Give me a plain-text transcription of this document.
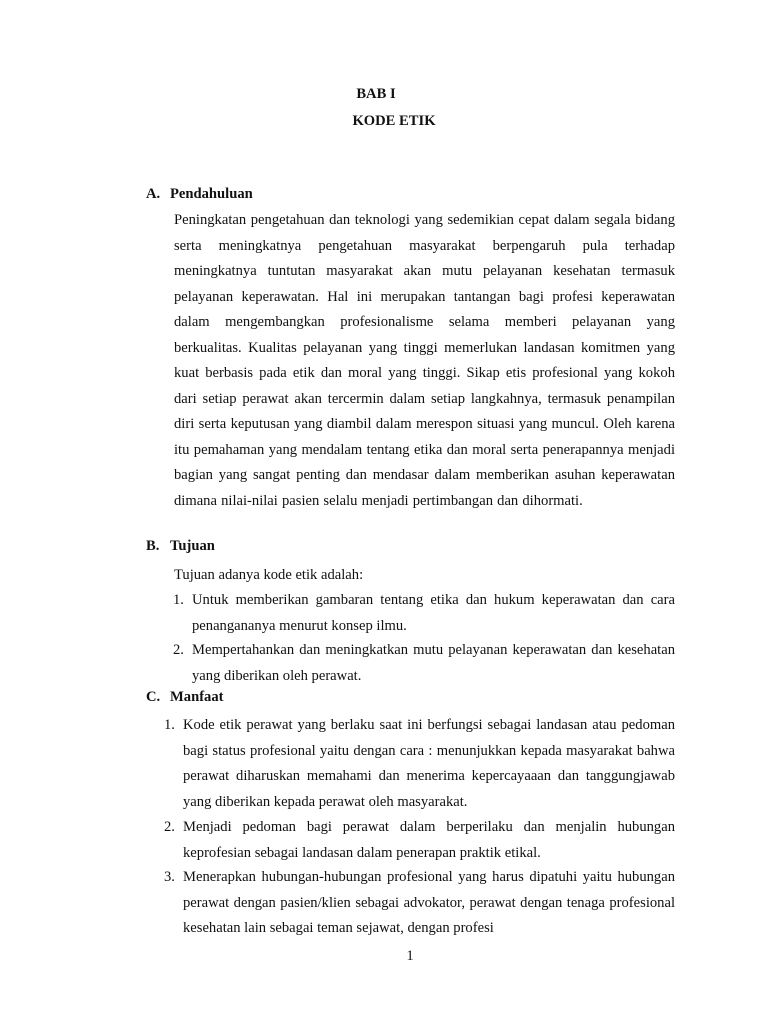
BAB I
KODE ETIK
A. Pendahuluan

Peningkatan pengetahuan dan teknologi yang sedemikian cepat dalam segala bidang serta meningkatnya pengetahuan masyarakat berpengaruh pula terhadap meningkatnya tuntutan masyarakat akan mutu pelayanan kesehatan termasuk pelayanan keperawatan. Hal ini merupakan tantangan bagi profesi keperawatan dalam mengembangkan profesionalisme selama memberi pelayanan yang berkualitas. Kualitas pelayanan yang tinggi memerlukan landasan komitmen yang kuat berbasis pada etik dan moral yang tinggi. Sikap etis profesional yang kokoh dari setiap perawat akan tercermin dalam setiap langkahnya, termasuk penampilan diri serta keputusan yang diambil dalam merespon situasi yang muncul. Oleh karena itu pemahaman yang mendalam tentang etika dan moral serta penerapannya menjadi bagian yang sangat penting dan mendasar dalam memberikan asuhan keperawatan dimana nilai-nilai pasien selalu menjadi pertimbangan dan dihormati.

B. Tujuan

Tujuan adanya kode etik adalah:

1. Untuk memberikan gambaran tentang etika dan hukum keperawatan dan cara penangananya menurut konsep ilmu.

2. Mempertahankan dan meningkatkan mutu pelayanan keperawatan dan kesehatan yang diberikan oleh perawat.

C. Manfaat

1. Kode etik perawat yang berlaku saat ini berfungsi sebagai landasan atau pedoman bagi status profesional yaitu dengan cara : menunjukkan kepada masyarakat bahwa perawat diharuskan memahami dan menerima kepercayaaan dan tanggungjawab yang diberikan kepada perawat oleh masyarakat.

2. Menjadi pedoman bagi perawat dalam berperilaku dan menjalin hubungan keprofesian sebagai landasan dalam penerapan praktik etikal.

3. Menerapkan hubungan-hubungan profesional yang harus dipatuhi yaitu hubungan perawat dengan pasien/klien sebagai advokator, perawat dengan tenaga profesional kesehatan lain sebagai teman sejawat, dengan profesi

1
